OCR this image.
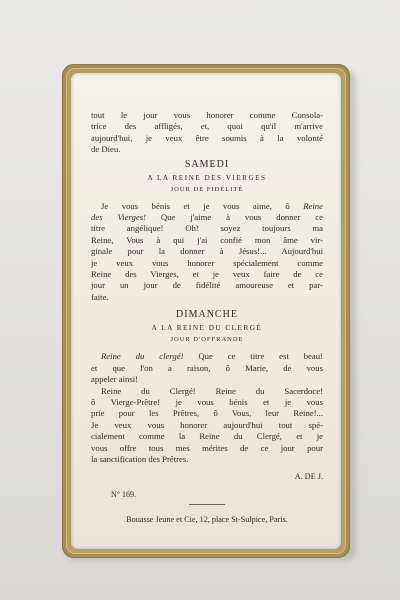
tout le jour vous honorer comme Consola-
trice des affligés, et, quoi qu'il m'arrive
aujourd'hui, je veux être soumis à la volonté
de Dieu.
SAMEDI
A LA REINE DES VIERGES
JOUR DE FIDÉLITÉ
Je vous bénis et je vous aime, ô Reine
des Vierges! Que j'aime à vous donner ce
titre angélique! Oh! soyez toujours ma
Reine, Vous à qui j'ai confié mon âme vir-
ginale pour la donner à Jésus!... Aujourd'hui
je veux vous honorer spécialement comme
Reine des Vierges, et je veux faire de ce
jour un jour de fidélité amoureuse et par-
faite.
DIMANCHE
A LA REINE DU CLERGÉ
JOUR D'OFFRANDE
Reine du clergé! Que ce titre est beau!
et que l'on a raison, ô Marie, de vous
appeler ainsi!
Reine du Clergé! Reine du Sacerdoce!
ô Vierge-Prêtre! je vous bénis et je vous
prie pour les Prêtres, ô Vous, leur Reine!...
Je veux vous honorer aujourd'hui tout spé-
cialement comme la Reine du Clergé, et je
vous offre tous mes mérites de ce jour pour
la sanctification des Prêtres.
A. DE J.
N° 169.
Bouasse Jeune et Cie, 12, place St-Sulpice, Paris.
